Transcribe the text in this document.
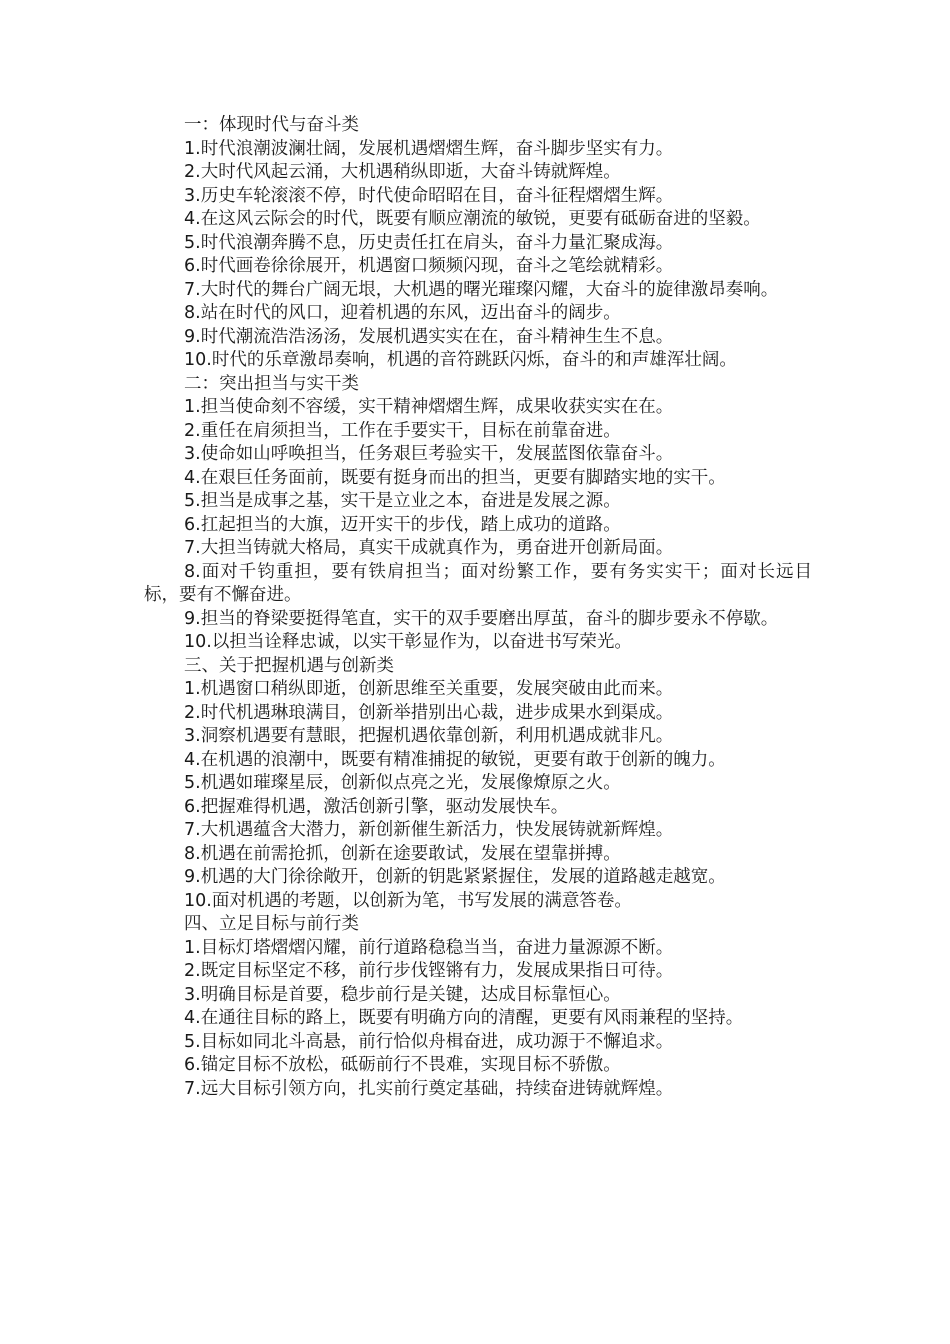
一：体现时代与奋斗类

1.时代浪潮波澜壮阔，发展机遇熠熠生辉，奋斗脚步坚实有力。

2.大时代风起云涌，大机遇稍纵即逝，大奋斗铸就辉煌。

3.历史车轮滚滚不停，时代使命昭昭在目，奋斗征程熠熠生辉。

4.在这风云际会的时代，既要有顺应潮流的敏锐，更要有砥砺奋进的坚毅。

5.时代浪潮奔腾不息，历史责任扛在肩头，奋斗力量汇聚成海。

6.时代画卷徐徐展开，机遇窗口频频闪现，奋斗之笔绘就精彩。

7.大时代的舞台广阔无垠，大机遇的曙光璀璨闪耀，大奋斗的旋律激昂奏响。

8.站在时代的风口，迎着机遇的东风，迈出奋斗的阔步。

9.时代潮流浩浩汤汤，发展机遇实实在在，奋斗精神生生不息。

10.时代的乐章激昂奏响，机遇的音符跳跃闪烁，奋斗的和声雄浑壮阔。

二：突出担当与实干类

1.担当使命刻不容缓，实干精神熠熠生辉，成果收获实实在在。

2.重任在肩须担当，工作在手要实干，目标在前靠奋进。

3.使命如山呼唤担当，任务艰巨考验实干，发展蓝图依靠奋斗。

4.在艰巨任务面前，既要有挺身而出的担当，更要有脚踏实地的实干。

5.担当是成事之基，实干是立业之本，奋进是发展之源。

6.扛起担当的大旗，迈开实干的步伐，踏上成功的道路。

7.大担当铸就大格局，真实干成就真作为，勇奋进开创新局面。

8.面对千钧重担，要有铁肩担当；面对纷繁工作，要有务实实干；面对长远目标，要有不懈奋进。

9.担当的脊梁要挺得笔直，实干的双手要磨出厚茧，奋斗的脚步要永不停歇。

10.以担当诠释忠诚，以实干彰显作为，以奋进书写荣光。

三、关于把握机遇与创新类

1.机遇窗口稍纵即逝，创新思维至关重要，发展突破由此而来。

2.时代机遇琳琅满目，创新举措别出心裁，进步成果水到渠成。

3.洞察机遇要有慧眼，把握机遇依靠创新，利用机遇成就非凡。

4.在机遇的浪潮中，既要有精准捕捉的敏锐，更要有敢于创新的魄力。

5.机遇如璀璨星辰，创新似点亮之光，发展像燎原之火。

6.把握难得机遇，激活创新引擎，驱动发展快车。

7.大机遇蕴含大潜力，新创新催生新活力，快发展铸就新辉煌。

8.机遇在前需抢抓，创新在途要敢试，发展在望靠拼搏。

9.机遇的大门徐徐敞开，创新的钥匙紧紧握住，发展的道路越走越宽。

10.面对机遇的考题，以创新为笔，书写发展的满意答卷。

四、立足目标与前行类

1.目标灯塔熠熠闪耀，前行道路稳稳当当，奋进力量源源不断。

2.既定目标坚定不移，前行步伐铿锵有力，发展成果指日可待。

3.明确目标是首要，稳步前行是关键，达成目标靠恒心。

4.在通往目标的路上，既要有明确方向的清醒，更要有风雨兼程的坚持。

5.目标如同北斗高悬，前行恰似舟楫奋进，成功源于不懈追求。

6.锚定目标不放松，砥砺前行不畏难，实现目标不骄傲。

7.远大目标引领方向，扎实前行奠定基础，持续奋进铸就辉煌。
